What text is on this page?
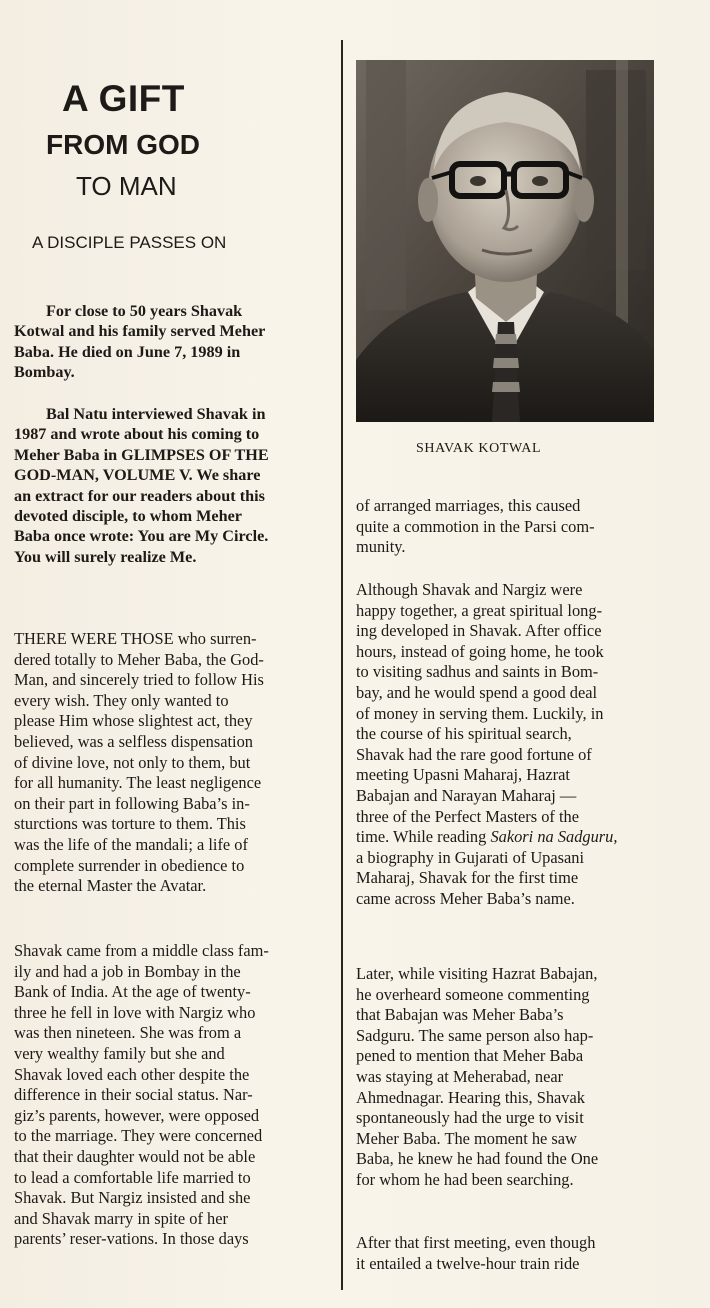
A GIFT
FROM GOD
TO MAN
A DISCIPLE PASSES ON
For close to 50 years Shavak
Kotwal and his family served Meher
Baba. He died on June 7, 1989 in
Bombay.
Bal Natu interviewed Shavak in
1987 and wrote about his coming to
Meher Baba in GLIMPSES OF THE
GOD-MAN, VOLUME V. We share
an extract for our readers about this
devoted disciple, to whom Meher
Baba once wrote: You are My Circle.
You will surely realize Me.
THERE WERE THOSE who surren-
dered totally to Meher Baba, the God-
Man, and sincerely tried to follow His
every wish. They only wanted to
please Him whose slightest act, they
believed, was a selfless dispensation
of divine love, not only to them, but
for all humanity. The least negligence
on their part in following Baba’s in-
sturctions was torture to them. This
was the life of the mandali; a life of
complete surrender in obedience to
the eternal Master the Avatar.
Shavak came from a middle class fam-
ily and had a job in Bombay in the
Bank of India. At the age of twenty-
three he fell in love with Nargiz who
was then nineteen. She was from a
very wealthy family but she and
Shavak loved each other despite the
difference in their social status. Nar-
giz’s parents, however, were opposed
to the marriage. They were concerned
that their daughter would not be able
to lead a comfortable life married to
Shavak. But Nargiz insisted and she
and Shavak marry in spite of her
parents’ reser-vations. In those days
SHAVAK KOTWAL
of arranged marriages, this caused
quite a commotion in the Parsi com-
munity.
Although Shavak and Nargiz were
happy together, a great spiritual long-
ing developed in Shavak. After office
hours, instead of going home, he took
to visiting sadhus and saints in Bom-
bay, and he would spend a good deal
of money in serving them. Luckily, in
the course of his spiritual search,
Shavak had the rare good fortune of
meeting Upasni Maharaj, Hazrat
Babajan and Narayan Maharaj —
three of the Perfect Masters of the
time. While reading Sakori na Sadguru,
a biography in Gujarati of Upasani
Maharaj, Shavak for the first time
came across Meher Baba’s name.
Later, while visiting Hazrat Babajan,
he overheard someone commenting
that Babajan was Meher Baba’s
Sadguru. The same person also hap-
pened to mention that Meher Baba
was staying at Meherabad, near
Ahmednagar. Hearing this, Shavak
spontaneously had the urge to visit
Meher Baba. The moment he saw
Baba, he knew he had found the One
for whom he had been searching.
After that first meeting, even though
it entailed a twelve-hour train ride
